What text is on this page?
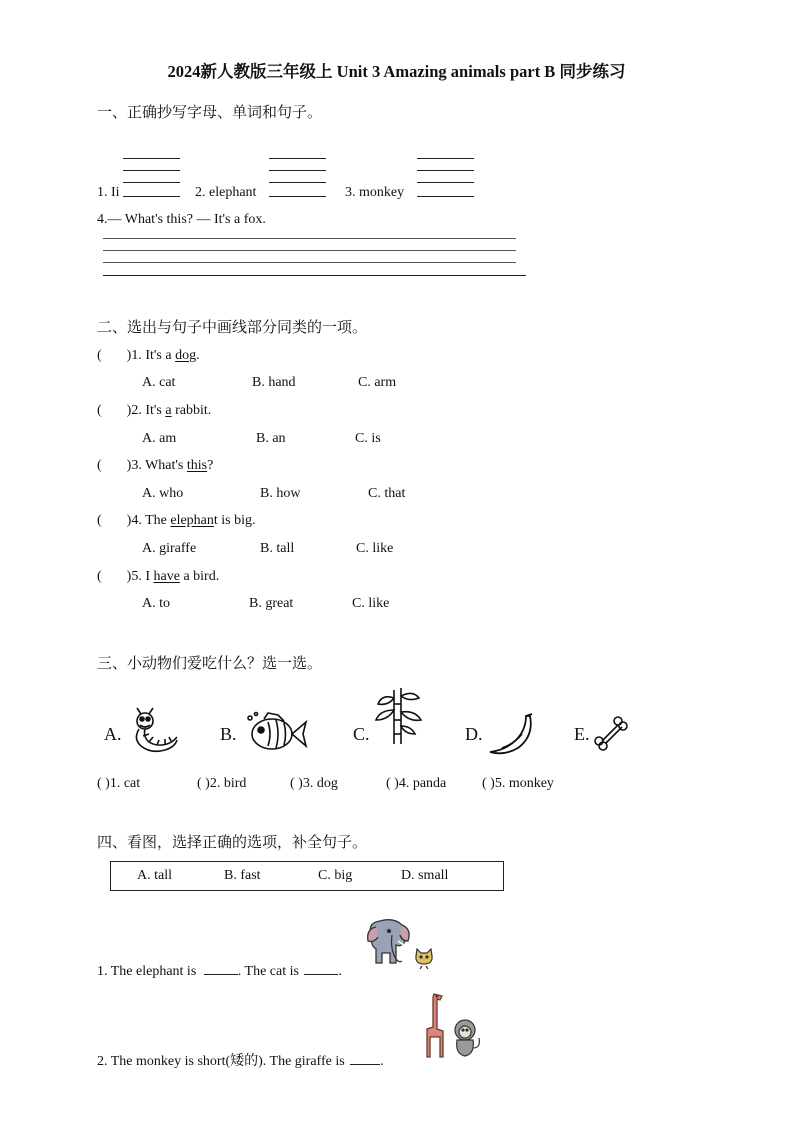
2024新人教版三年级上 Unit 3 Amazing animals part B 同步练习
一、正确抄写字母、单词和句子。
1. Ii	2. elephant	3. monkey
4.— What's this? — It's a fox.
二、选出与句子中画线部分同类的一项。
( )1. It's a dog.
A. cat	B. hand	C. arm
( )2. It's a rabbit.
A. am	B. an	C. is
( )3. What's this?
A. who	B. how	C. that
( )4. The elephant is big.
A. giraffe	B. tall	C. like
( )5. I have a bird.
A. to	B. great	C. like
三、小动物们爱吃什么？选一选。
A.	B.	C.	D.	E.
( )1. cat	( )2. bird	( )3. dog	( )4. panda	( )5. monkey
四、看图，选择正确的选项，补全句子。
A. tall	B. fast	C. big	D. small
1. The elephant is	. The cat is	.
2. The monkey is short(矮的). The giraffe is	.
